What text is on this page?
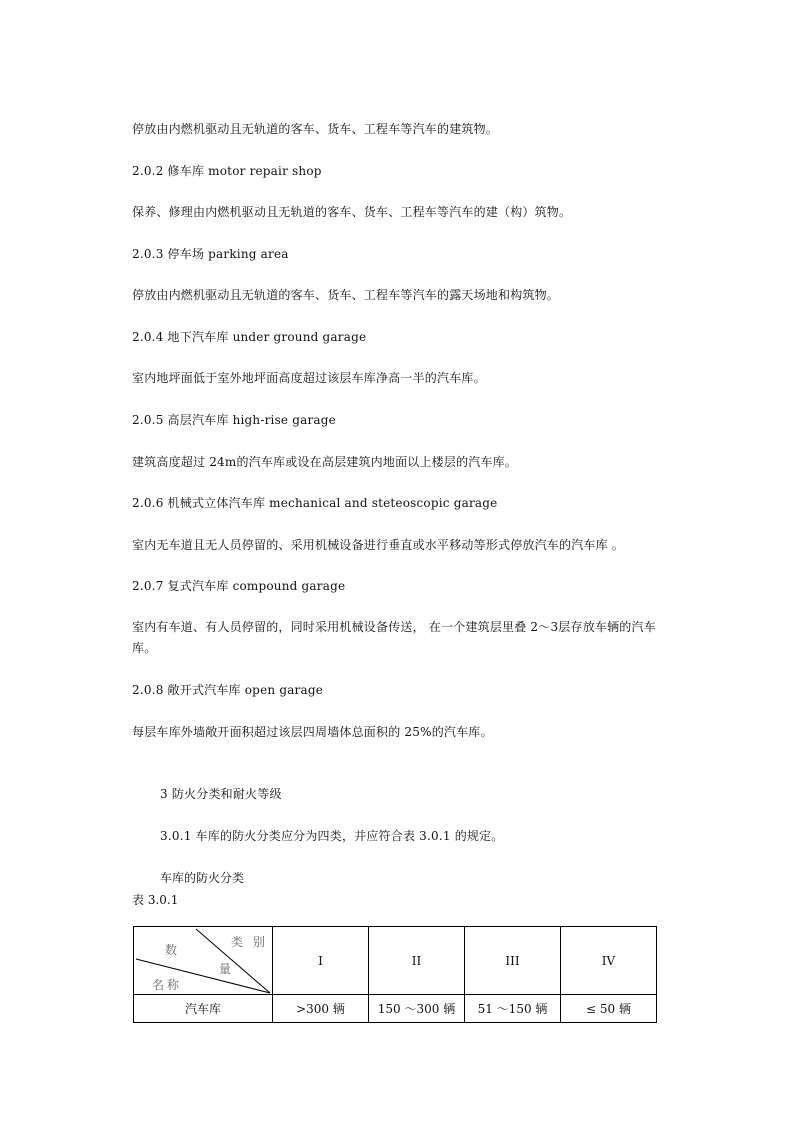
停放由内燃机驱动且无轨道的客车、货车、工程车等汽车的建筑物。
2.0.2 修车库 motor repair shop
保养、修理由内燃机驱动且无轨道的客车、货车、工程车等汽车的建（构）筑物。
2.0.3 停车场 parking area
停放由内燃机驱动且无轨道的客车、货车、工程车等汽车的露天场地和构筑物。
2.0.4 地下汽车库 under ground garage
室内地坪面低于室外地坪面高度超过该层车库净高一半的汽车库。
2.0.5 高层汽车库 high-rise garage
建筑高度超过 24m的汽车库或设在高层建筑内地面以上楼层的汽车库。
2.0.6 机械式立体汽车库 mechanical and steteoscopic garage
室内无车道且无人员停留的、采用机械设备进行垂直或水平移动等形式停放汽车的汽车库 。
2.0.7 复式汽车库 compound garage
室内有车道、有人员停留的，同时采用机械设备传送， 在一个建筑层里叠 2～3层存放车辆的汽车库。
2.0.8 敞开式汽车库 open garage
每层车库外墙敞开面积超过该层四周墙体总面积的 25%的汽车库。
3 防火分类和耐火等级
3.0.1 车库的防火分类应分为四类，并应符合表 3.0.1 的规定。
车库的防火分类
表 3.0.1
类 别
数
量
名称	I	II	III	IV
汽车库	>300 辆	150 ～300 辆	51 ～150 辆	≤ 50 辆
